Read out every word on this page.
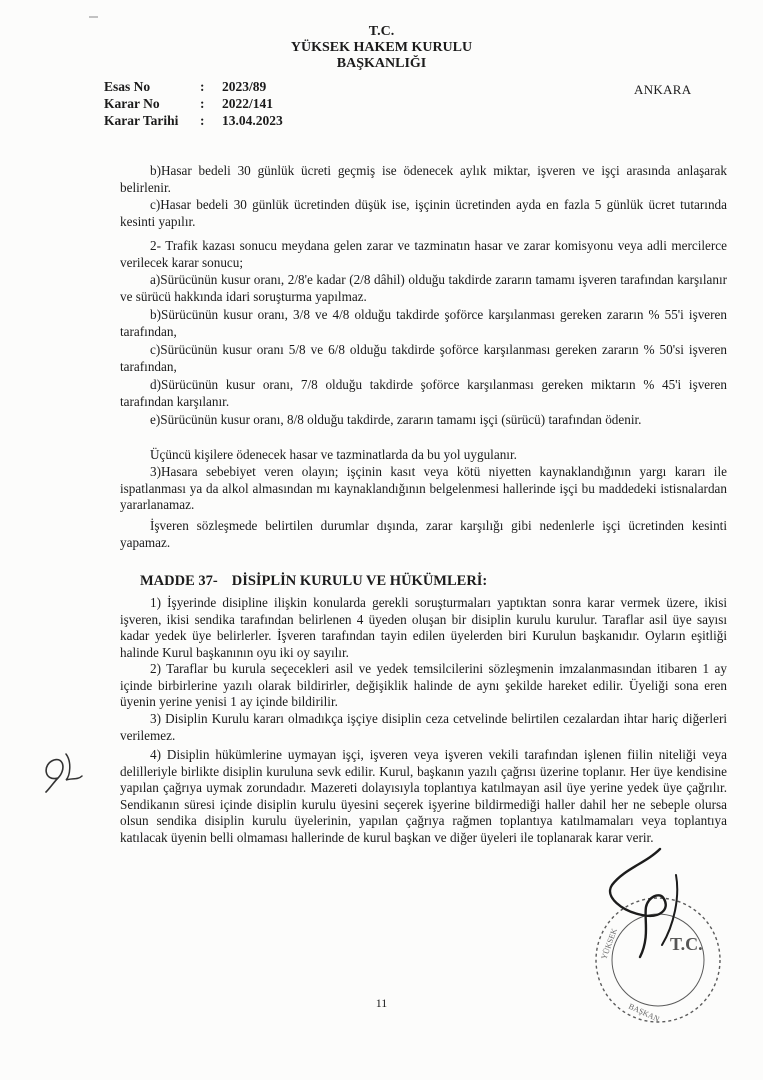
T.C.
YÜKSEK HAKEM KURULU
BAŞKANLIĞI
Esas No	: 2023/89
Karar No	: 2022/141
Karar Tarihi : 13.04.2023
ANKARA

b)Hasar bedeli 30 günlük ücreti geçmiş ise ödenecek aylık miktar, işveren ve işçi arasında anlaşarak belirlenir.

c)Hasar bedeli 30 günlük ücretinden düşük ise, işçinin ücretinden ayda en fazla 5 günlük ücret tutarında kesinti yapılır.

2- Trafik kazası sonucu meydana gelen zarar ve tazminatın hasar ve zarar komisyonu veya adli mercilerce verilecek karar sonucu;

a)Sürücünün kusur oranı, 2/8'e kadar (2/8 dâhil) olduğu takdirde zararın tamamı işveren tarafından karşılanır ve sürücü hakkında idari soruşturma yapılmaz.

b)Sürücünün kusur oranı, 3/8 ve 4/8 olduğu takdirde şoförce karşılanması gereken zararın % 55'i işveren tarafından,

c)Sürücünün kusur oranı 5/8 ve 6/8 olduğu takdirde şoförce karşılanması gereken zararın % 50'si işveren tarafından,

d)Sürücünün kusur oranı, 7/8 olduğu takdirde şoförce karşılanması gereken miktarın % 45'i işveren tarafından karşılanır.

e)Sürücünün kusur oranı, 8/8 olduğu takdirde, zararın tamamı işçi (sürücü) tarafından ödenir.

Üçüncü kişilere ödenecek hasar ve tazminatlarda da bu yol uygulanır.

3)Hasara sebebiyet veren olayın; işçinin kasıt veya kötü niyetten kaynaklandığının yargı kararı ile ispatlanması ya da alkol almasından mı kaynaklandığının belgelenmesi hallerinde işçi bu maddedeki istisnalardan yararlanamaz.

İşveren sözleşmede belirtilen durumlar dışında, zarar karşılığı gibi nedenlerle işçi ücretinden kesinti yapamaz.

MADDE 37- DİSİPLİN KURULU VE HÜKÜMLERİ:

1) İşyerinde disipline ilişkin konularda gerekli soruşturmaları yaptıktan sonra karar vermek üzere, ikisi işveren, ikisi sendika tarafından belirlenen 4 üyeden oluşan bir disiplin kurulu kurulur. Taraflar asil üye sayısı kadar yedek üye belirlerler. İşveren tarafından tayin edilen üyelerden biri Kurulun başkanıdır. Oyların eşitliği halinde Kurul başkanının oyu iki oy sayılır.

2) Taraflar bu kurula seçecekleri asil ve yedek temsilcilerini sözleşmenin imzalanmasından itibaren 1 ay içinde birbirlerine yazılı olarak bildirirler, değişiklik halinde de aynı şekilde hareket edilir. Üyeliği sona eren üyenin yerine yenisi 1 ay içinde bildirilir.

3) Disiplin Kurulu kararı olmadıkça işçiye disiplin ceza cetvelinde belirtilen cezalardan ihtar hariç diğerleri verilemez.

4) Disiplin hükümlerine uymayan işçi, işveren veya işveren vekili tarafından işlenen fiilin niteliği veya delilleriyle birlikte disiplin kuruluna sevk edilir. Kurul, başkanın yazılı çağrısı üzerine toplanır. Her üye kendisine yapılan çağrıya uymak zorundadır. Mazereti dolayısıyla toplantıya katılmayan asil üye yerine yedek üye çağrılır. Sendikanın süresi içinde disiplin kurulu üyesini seçerek işyerine bildirmediği haller dahil her ne sebeple olursa olsun sendika disiplin kurulu üyelerinin, yapılan çağrıya rağmen toplantıya katılmamaları veya toplantıya katılacak üyenin belli olmaması hallerinde de kurul başkan ve diğer üyeleri ile toplanarak karar verir.

11
T.C.
YÜKSEK
BAŞKAN
